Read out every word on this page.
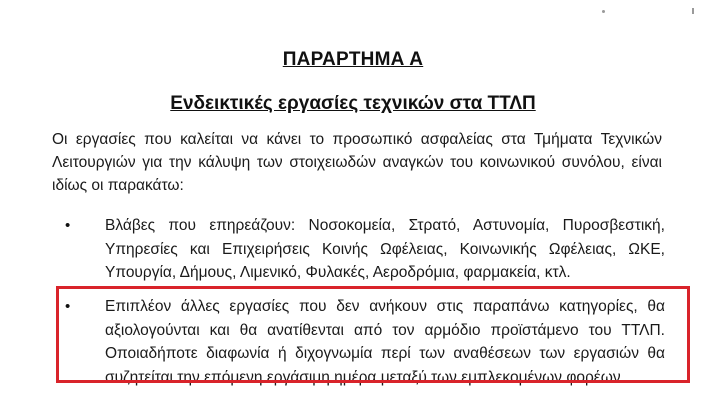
ΠΑΡΑΡΤΗΜΑ Α
Ενδεικτικές εργασίες τεχνικών στα ΤΤΛΠ
Οι εργασίες που καλείται να κάνει το προσωπικό ασφαλείας στα Τμήματα Τεχνικών Λειτουργιών για την κάλυψη των στοιχειωδών αναγκών του κοινωνικού συνόλου, είναι ιδίως οι παρακάτω:
• Βλάβες που επηρεάζουν: Νοσοκομεία, Στρατό, Αστυνομία, Πυροσβεστική, Υπηρεσίες και Επιχειρήσεις Κοινής Ωφέλειας, Κοινωνικής Ωφέλειας, ΩΚΕ, Υπουργία, Δήμους, Λιμενικό, Φυλακές, Αεροδρόμια, φαρμακεία, κτλ.
• Επιπλέον άλλες εργασίες που δεν ανήκουν στις παραπάνω κατηγορίες, θα αξιολογούνται και θα ανατίθενται από τον αρμόδιο προϊστάμενο του ΤΤΛΠ. Οποιαδήποτε διαφωνία ή διχογνωμία περί των αναθέσεων των εργασιών θα συζητείται την επόμενη εργάσιμη ημέρα μεταξύ των εμπλεκομένων φορέων
